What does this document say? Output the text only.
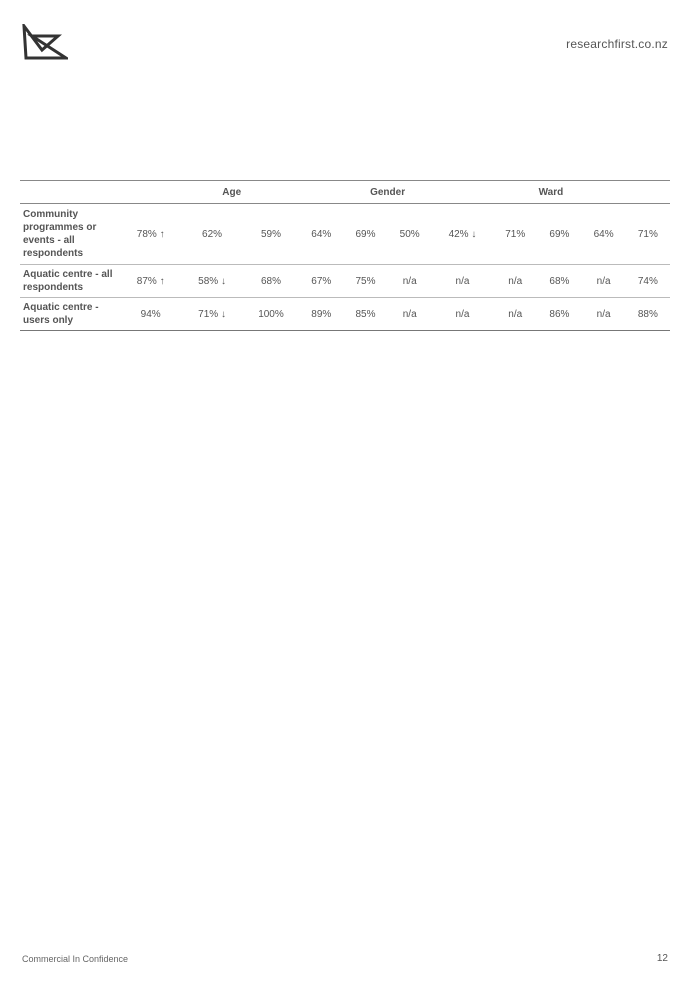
researchfirst.co.nz
	Age				Gender		Ward				
Community programmes or events - all respondents	78% ↑	62%	59%	64%	69%	50%	42% ↓	71%	69%	64%	71%
Aquatic centre - all respondents	87% ↑	58% ↓	68%	67%	75%	n/a	n/a	n/a	68%	n/a	74%
Aquatic centre - users only	94%	71% ↓	100%	89%	85%	n/a	n/a	n/a	86%	n/a	88%
Commercial In Confidence	12
